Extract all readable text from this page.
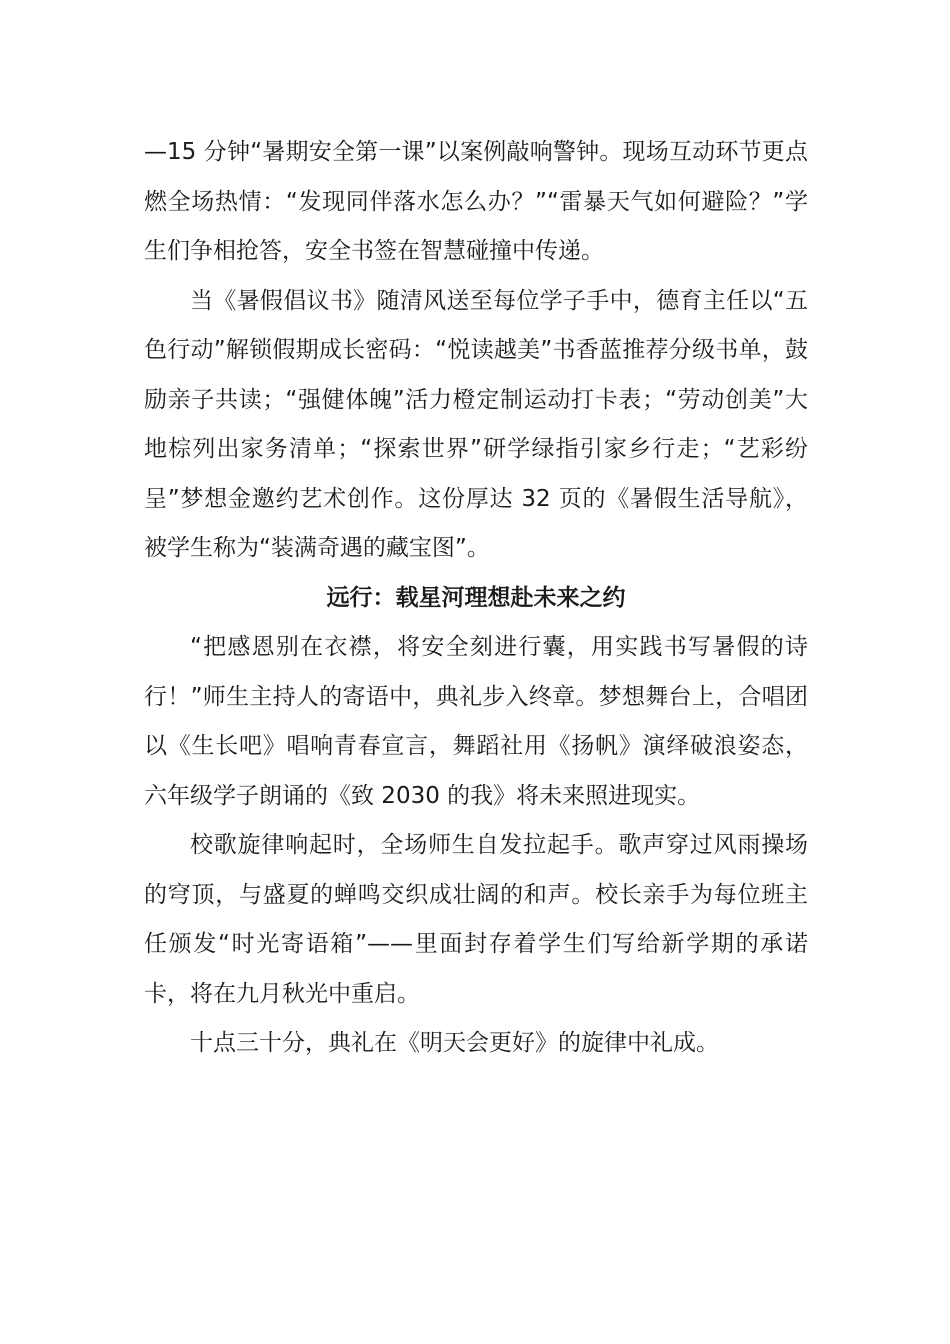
—15 分钟“暑期安全第一课”以案例敲响警钟。现场互动环节更点燃全场热情：“发现同伴落水怎么办？”“雷暴天气如何避险？”学生们争相抢答，安全书签在智慧碰撞中传递。

当《暑假倡议书》随清风送至每位学子手中，德育主任以“五色行动”解锁假期成长密码：“悦读越美”书香蓝推荐分级书单，鼓励亲子共读；“强健体魄”活力橙定制运动打卡表；“劳动创美”大地棕列出家务清单；“探索世界”研学绿指引家乡行走；“艺彩纷呈”梦想金邀约艺术创作。这份厚达 32 页的《暑假生活导航》，被学生称为“装满奇遇的藏宝图”。

远行：载星河理想赴未来之约

“把感恩别在衣襟，将安全刻进行囊，用实践书写暑假的诗行！”师生主持人的寄语中，典礼步入终章。梦想舞台上，合唱团以《生长吧》唱响青春宣言，舞蹈社用《扬帆》演绎破浪姿态，六年级学子朗诵的《致 2030 的我》将未来照进现实。

校歌旋律响起时，全场师生自发拉起手。歌声穿过风雨操场的穹顶，与盛夏的蝉鸣交织成壮阔的和声。校长亲手为每位班主任颁发“时光寄语箱”——里面封存着学生们写给新学期的承诺卡，将在九月秋光中重启。

十点三十分，典礼在《明天会更好》的旋律中礼成。
